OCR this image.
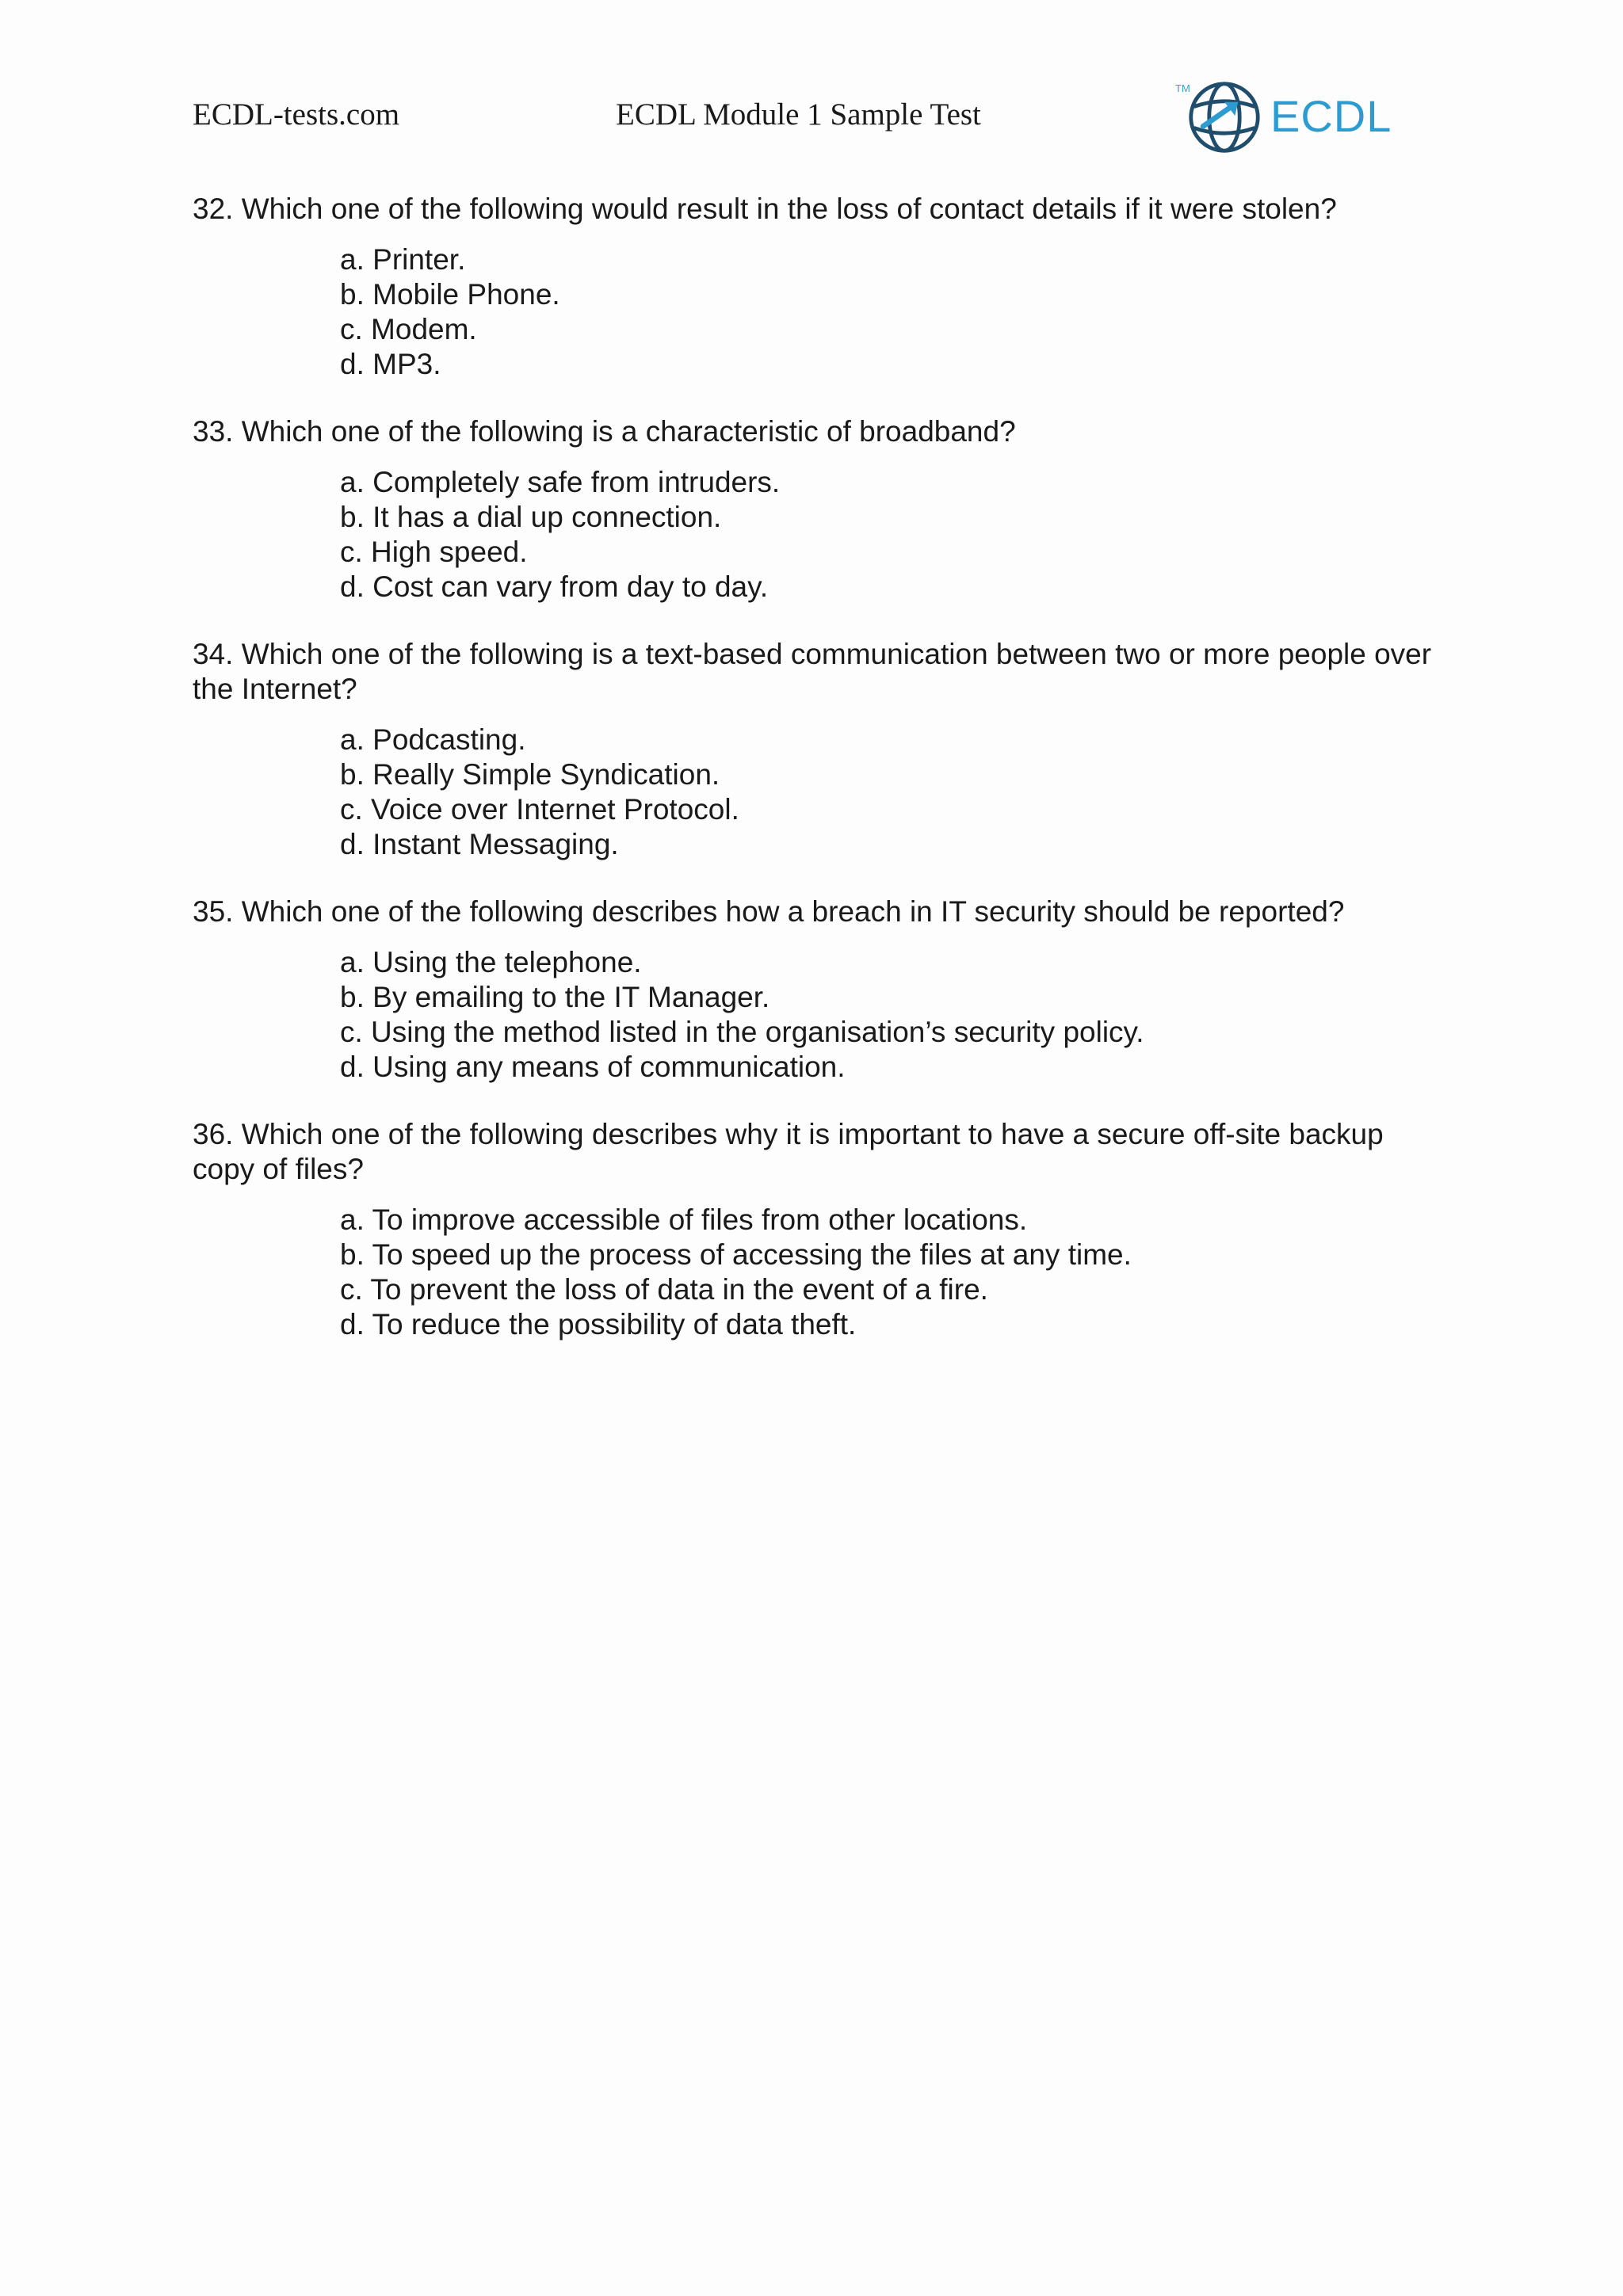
ECDL-tests.com	ECDL Module 1 Sample Test
TM
ECDL
32. Which one of the following would result in the loss of contact details if it were stolen?
a. Printer.
b. Mobile Phone.
c. Modem.
d. MP3.
33. Which one of the following is a characteristic of broadband?
a. Completely safe from intruders.
b. It has a dial up connection.
c. High speed.
d. Cost can vary from day to day.
34. Which one of the following is a text-based communication between two or more people over the Internet?
a. Podcasting.
b. Really Simple Syndication.
c. Voice over Internet Protocol.
d. Instant Messaging.
35. Which one of the following describes how a breach in IT security should be reported?
a. Using the telephone.
b. By emailing to the IT Manager.
c. Using the method listed in the organisation’s security policy.
d. Using any means of communication.
36. Which one of the following describes why it is important to have a secure off-site backup copy of files?
a. To improve accessible of files from other locations.
b. To speed up the process of accessing the files at any time.
c. To prevent the loss of data in the event of a fire.
d. To reduce the possibility of data theft.
